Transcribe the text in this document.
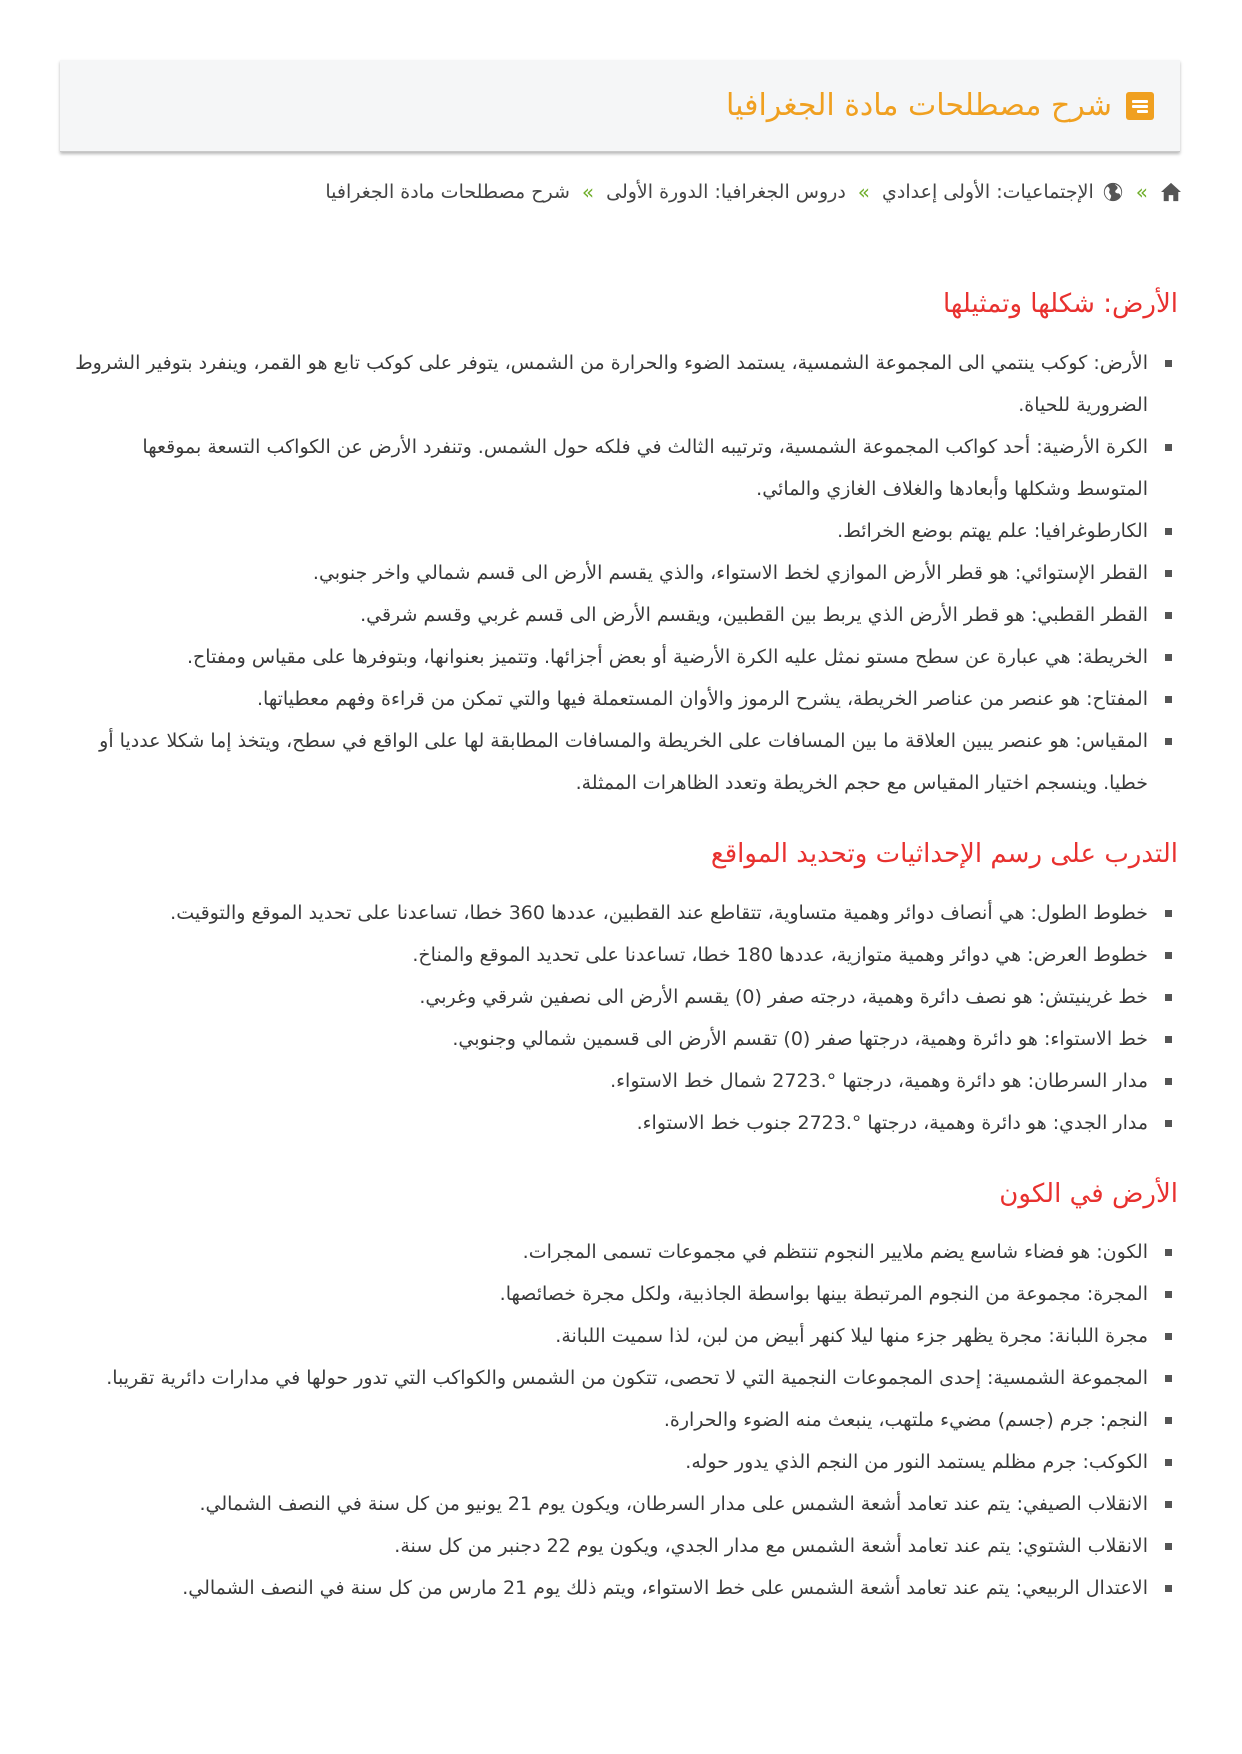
شرح مصطلحات مادة الجغرافيا
»
الإجتماعيات: الأولى إعدادي
»
دروس الجغرافيا: الدورة الأولى
»
شرح مصطلحات مادة الجغرافيا
الأرض: شكلها وتمثيلها
الأرض: كوكب ينتمي الى المجموعة الشمسية، يستمد الضوء والحرارة من الشمس، يتوفر على كوكب تابع هو القمر، وينفرد بتوفير الشروط الضرورية للحياة.
الكرة الأرضية: أحد كواكب المجموعة الشمسية، وترتيبه الثالث في فلكه حول الشمس. وتنفرد الأرض عن الكواكب التسعة بموقعها المتوسط وشكلها وأبعادها والغلاف الغازي والمائي.
الكارطوغرافيا: علم يهتم بوضع الخرائط.
القطر الإستوائي: هو قطر الأرض الموازي لخط الاستواء، والذي يقسم الأرض الى قسم شمالي واخر جنوبي.
القطر القطبي: هو قطر الأرض الذي يربط بين القطبين، ويقسم الأرض الى قسم غربي وقسم شرقي.
الخريطة: هي عبارة عن سطح مستو نمثل عليه الكرة الأرضية أو بعض أجزائها. وتتميز بعنوانها، وبتوفرها على مقياس ومفتاح.
المفتاح: هو عنصر من عناصر الخريطة، يشرح الرموز والأوان المستعملة فيها والتي تمكن من قراءة وفهم معطياتها.
المقياس: هو عنصر يبين العلاقة ما بين المسافات على الخريطة والمسافات المطابقة لها على الواقع في سطح، ويتخذ إما شكلا عدديا أو خطيا. وينسجم اختيار المقياس مع حجم الخريطة وتعدد الظاهرات الممثلة.
التدرب على رسم الإحداثيات وتحديد المواقع
خطوط الطول: هي أنصاف دوائر وهمية متساوية، تتقاطع عند القطبين، عددها 360 خطا، تساعدنا على تحديد الموقع والتوقيت.
خطوط العرض: هي دوائر وهمية متوازية، عددها 180 خطا، تساعدنا على تحديد الموقع والمناخ.
خط غرينيتش: هو نصف دائرة وهمية، درجته صفر (0) يقسم الأرض الى نصفين شرقي وغربي.
خط الاستواء: هو دائرة وهمية، درجتها صفر (0) تقسم الأرض الى قسمين شمالي وجنوبي.
مدار السرطان: هو دائرة وهمية، درجتها °.2723 شمال خط الاستواء.
مدار الجدي: هو دائرة وهمية، درجتها °.2723 جنوب خط الاستواء.
الأرض في الكون
الكون: هو فضاء شاسع يضم ملايير النجوم تنتظم في مجموعات تسمى المجرات.
المجرة: مجموعة من النجوم المرتبطة بينها بواسطة الجاذبية، ولكل مجرة خصائصها.
مجرة اللبانة: مجرة يظهر جزء منها ليلا كنهر أبيض من لبن، لذا سميت اللبانة.
المجموعة الشمسية: إحدى المجموعات النجمية التي لا تحصى، تتكون من الشمس والكواكب التي تدور حولها في مدارات دائرية تقريبا.
النجم: جرم (جسم) مضيء ملتهب، ينبعث منه الضوء والحرارة.
الكوكب: جرم مظلم يستمد النور من النجم الذي يدور حوله.
الانقلاب الصيفي: يتم عند تعامد أشعة الشمس على مدار السرطان، ويكون يوم 21 يونيو من كل سنة في النصف الشمالي.
الانقلاب الشتوي: يتم عند تعامد أشعة الشمس مع مدار الجدي، ويكون يوم 22 دجنبر من كل سنة.
الاعتدال الربيعي: يتم عند تعامد أشعة الشمس على خط الاستواء، ويتم ذلك يوم 21 مارس من كل سنة في النصف الشمالي.
